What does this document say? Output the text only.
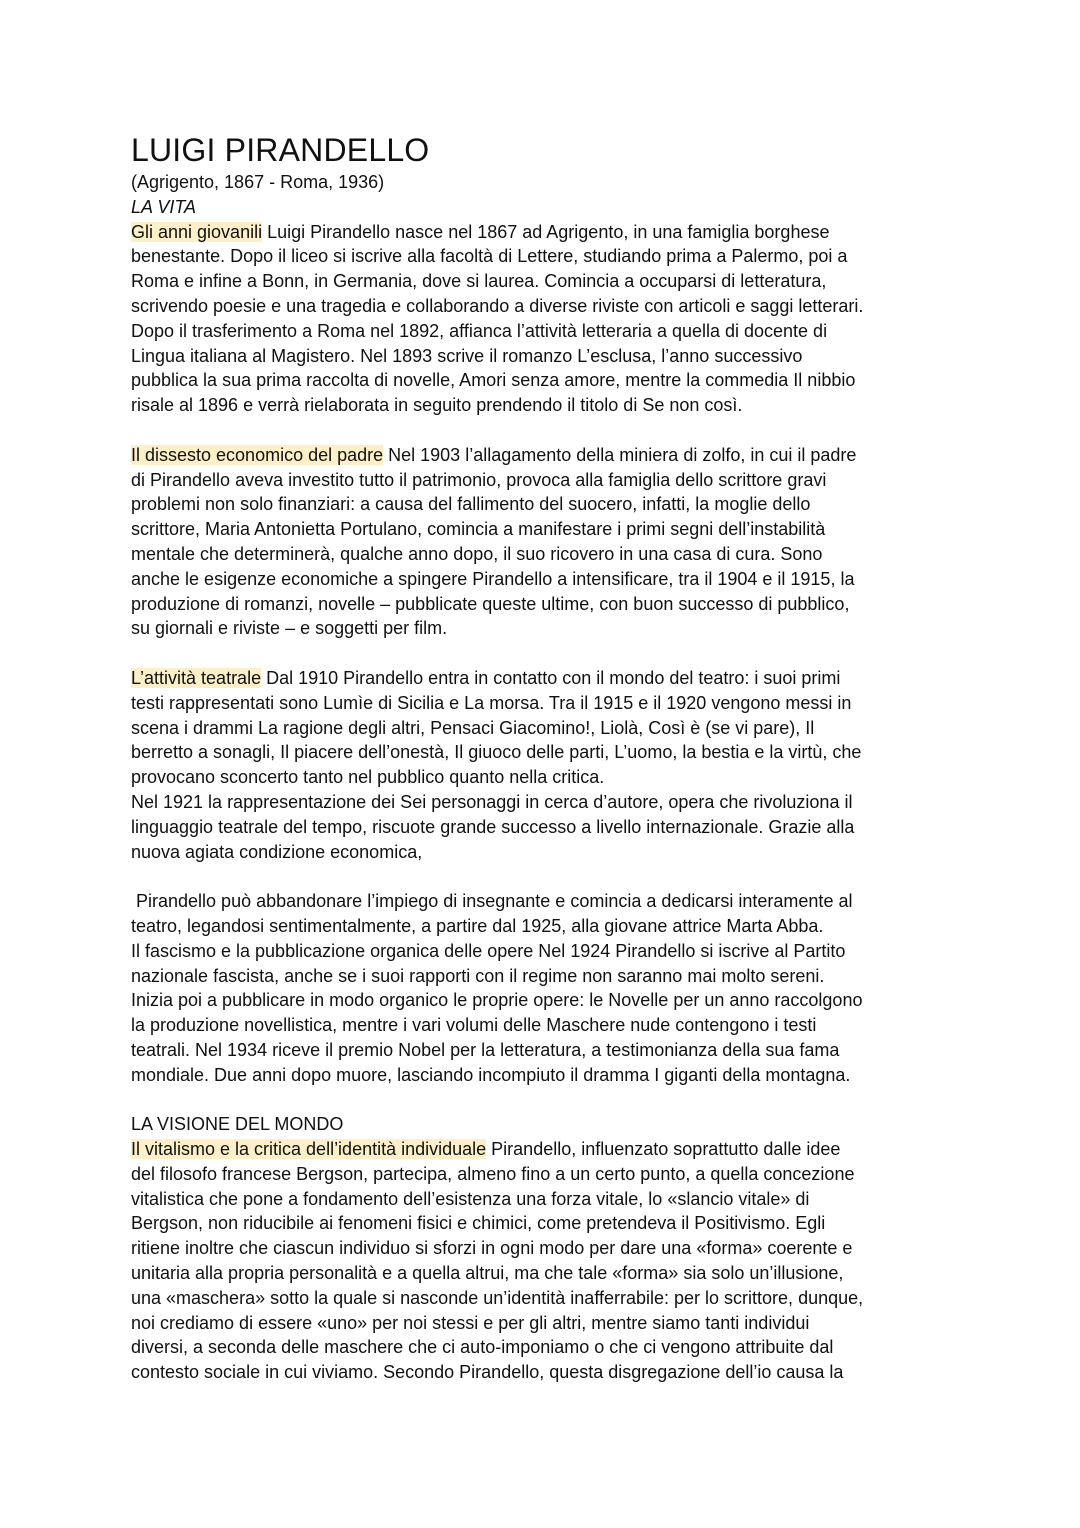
LUIGI PIRANDELLO

(Agrigento, 1867 - Roma, 1936)

LA VITA

Gli anni giovanili Luigi Pirandello nasce nel 1867 ad Agrigento, in una famiglia borghese

benestante. Dopo il liceo si iscrive alla facoltà di Lettere, studiando prima a Palermo, poi a

Roma e infine a Bonn, in Germania, dove si laurea. Comincia a occuparsi di letteratura,

scrivendo poesie e una tragedia e collaborando a diverse riviste con articoli e saggi letterari.

Dopo il trasferimento a Roma nel 1892, affianca l’attività letteraria a quella di docente di

Lingua italiana al Magistero. Nel 1893 scrive il romanzo L’esclusa, l’anno successivo

pubblica la sua prima raccolta di novelle, Amori senza amore, mentre la commedia Il nibbio

risale al 1896 e verrà rielaborata in seguito prendendo il titolo di Se non così.

Il dissesto economico del padre Nel 1903 l’allagamento della miniera di zolfo, in cui il padre

di Pirandello aveva investito tutto il patrimonio, provoca alla famiglia dello scrittore gravi

problemi non solo finanziari: a causa del fallimento del suocero, infatti, la moglie dello

scrittore, Maria Antonietta Portulano, comincia a manifestare i primi segni dell’instabilità

mentale che determinerà, qualche anno dopo, il suo ricovero in una casa di cura. Sono

anche le esigenze economiche a spingere Pirandello a intensificare, tra il 1904 e il 1915, la

produzione di romanzi, novelle – pubblicate queste ultime, con buon successo di pubblico,

su giornali e riviste – e soggetti per film.

L’attività teatrale Dal 1910 Pirandello entra in contatto con il mondo del teatro: i suoi primi

testi rappresentati sono Lumìe di Sicilia e La morsa. Tra il 1915 e il 1920 vengono messi in

scena i drammi La ragione degli altri, Pensaci Giacomino!, Liolà, Così è (se vi pare), Il

berretto a sonagli, Il piacere dell’onestà, Il giuoco delle parti, L’uomo, la bestia e la virtù, che

provocano sconcerto tanto nel pubblico quanto nella critica.

Nel 1921 la rappresentazione dei Sei personaggi in cerca d’autore, opera che rivoluziona il

linguaggio teatrale del tempo, riscuote grande successo a livello internazionale. Grazie alla

nuova agiata condizione economica,

Pirandello può abbandonare l’impiego di insegnante e comincia a dedicarsi interamente al

teatro, legandosi sentimentalmente, a partire dal 1925, alla giovane attrice Marta Abba.

Il fascismo e la pubblicazione organica delle opere Nel 1924 Pirandello si iscrive al Partito

nazionale fascista, anche se i suoi rapporti con il regime non saranno mai molto sereni.

Inizia poi a pubblicare in modo organico le proprie opere: le Novelle per un anno raccolgono

la produzione novellistica, mentre i vari volumi delle Maschere nude contengono i testi

teatrali. Nel 1934 riceve il premio Nobel per la letteratura, a testimonianza della sua fama

mondiale. Due anni dopo muore, lasciando incompiuto il dramma I giganti della montagna.

LA VISIONE DEL MONDO

Il vitalismo e la critica dell’identità individuale Pirandello, influenzato soprattutto dalle idee

del filosofo francese Bergson, partecipa, almeno fino a un certo punto, a quella concezione

vitalistica che pone a fondamento dell’esistenza una forza vitale, lo «slancio vitale» di

Bergson, non riducibile ai fenomeni fisici e chimici, come pretendeva il Positivismo. Egli

ritiene inoltre che ciascun individuo si sforzi in ogni modo per dare una «forma» coerente e

unitaria alla propria personalità e a quella altrui, ma che tale «forma» sia solo un’illusione,

una «maschera» sotto la quale si nasconde un’identità inafferrabile: per lo scrittore, dunque,

noi crediamo di essere «uno» per noi stessi e per gli altri, mentre siamo tanti individui

diversi, a seconda delle maschere che ci auto-imponiamo o che ci vengono attribuite dal

contesto sociale in cui viviamo. Secondo Pirandello, questa disgregazione dell’io causa la
